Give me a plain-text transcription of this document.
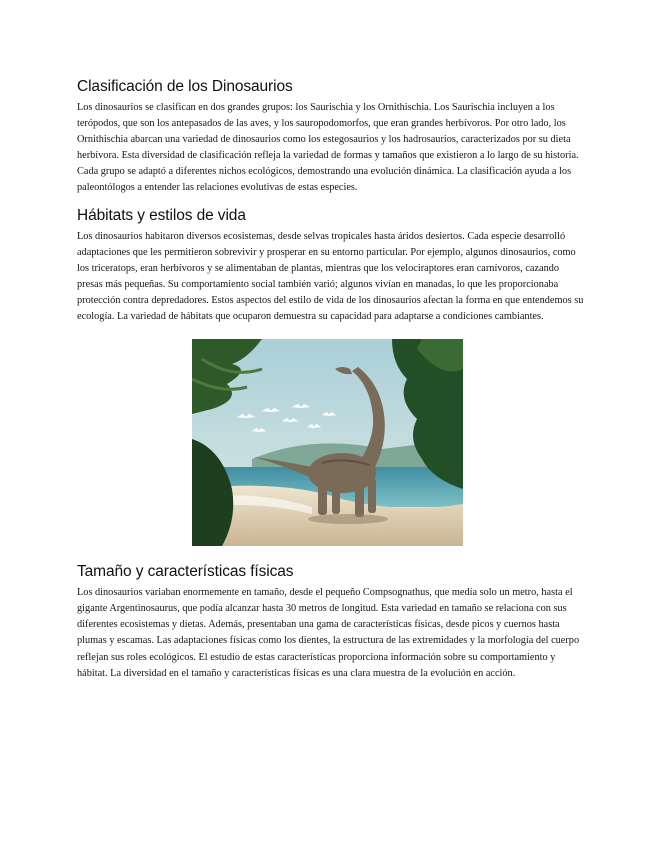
Clasificación de los Dinosaurios

Los dinosaurios se clasifican en dos grandes grupos: los Saurischia y los Ornithischia. Los Saurischia incluyen a los terópodos, que son los antepasados de las aves, y los sauropodomorfos, que eran grandes herbívoros. Por otro lado, los Ornithischia abarcan una variedad de dinosaurios como los estegosaurios y los hadrosaurios, caracterizados por su dieta herbívora. Esta diversidad de clasificación refleja la variedad de formas y tamaños que existieron a lo largo de su historia. Cada grupo se adaptó a diferentes nichos ecológicos, demostrando una evolución dinámica. La clasificación ayuda a los paleontólogos a entender las relaciones evolutivas de estas especies.

Hábitats y estilos de vida

Los dinosaurios habitaron diversos ecosistemas, desde selvas tropicales hasta áridos desiertos. Cada especie desarrolló adaptaciones que les permitieron sobrevivir y prosperar en su entorno particular. Por ejemplo, algunos dinosaurios, como los triceratops, eran herbívoros y se alimentaban de plantas, mientras que los velociraptores eran carnívoros, cazando presas más pequeñas. Su comportamiento social también varió; algunos vivían en manadas, lo que les proporcionaba protección contra depredadores. Estos aspectos del estilo de vida de los dinosaurios afectan la forma en que entendemos su ecología. La variedad de hábitats que ocuparon demuestra su capacidad para adaptarse a condiciones cambiantes.

Tamaño y características físicas

Los dinosaurios variaban enormemente en tamaño, desde el pequeño Compsognathus, que medía solo un metro, hasta el gigante Argentinosaurus, que podía alcanzar hasta 30 metros de longitud. Esta variedad en tamaño se relaciona con sus diferentes ecosistemas y dietas. Además, presentaban una gama de características físicas, desde picos y cuernos hasta plumas y escamas. Las adaptaciones físicas como los dientes, la estructura de las extremidades y la morfología del cuerpo reflejan sus roles ecológicos. El estudio de estas características proporciona información sobre su comportamiento y hábitat. La diversidad en el tamaño y características físicas es una clara muestra de la evolución en acción.
